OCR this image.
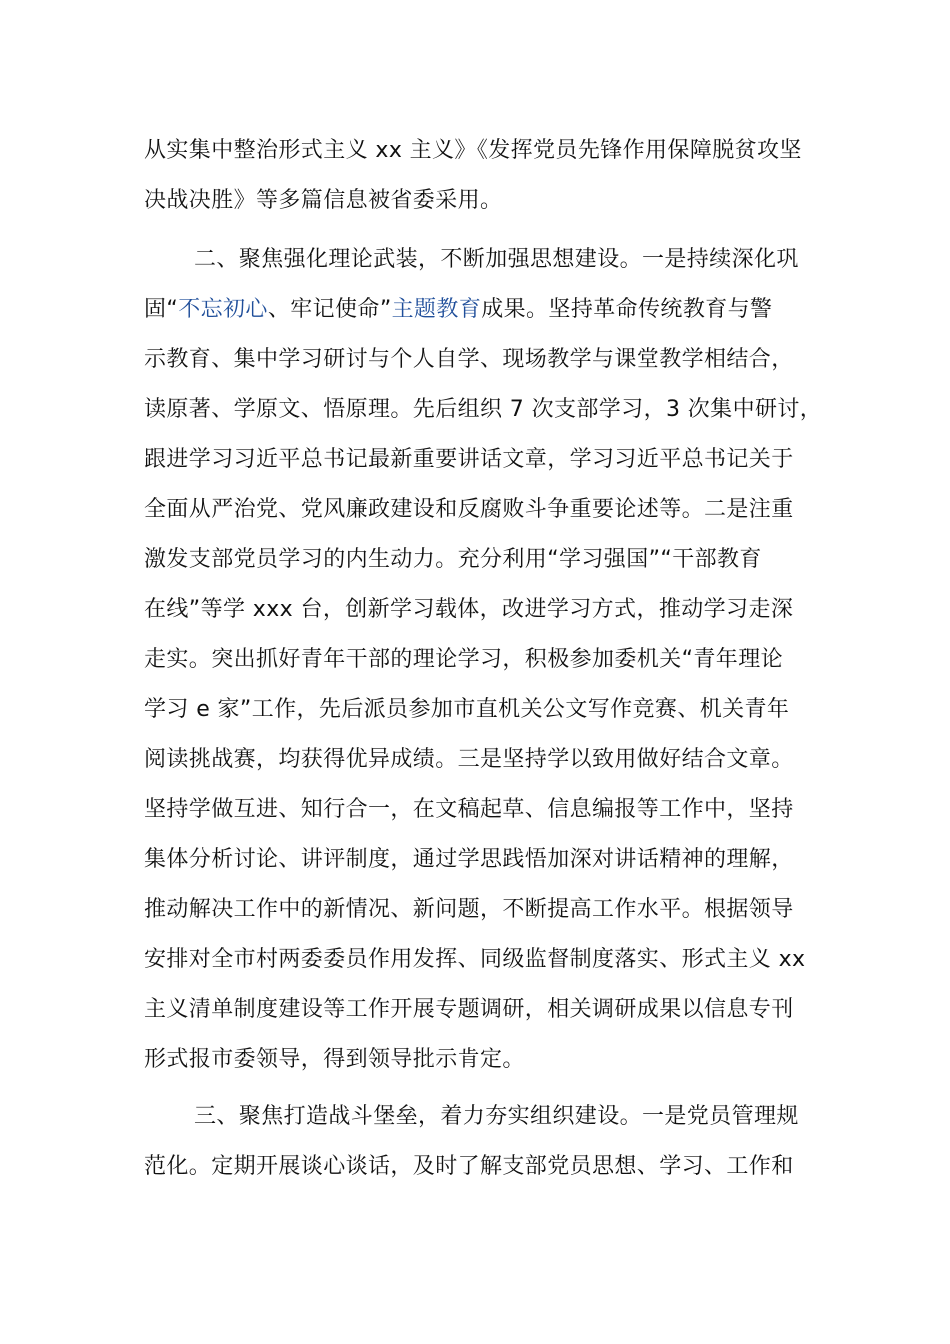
从实集中整治形式主义 xx 主义》《发挥党员先锋作用保障脱贫攻坚
决战决胜》等多篇信息被省委采用。

二、聚焦强化理论武装，不断加强思想建设。一是持续深化巩
固“不忘初心、牢记使命”主题教育成果。坚持革命传统教育与警
示教育、集中学习研讨与个人自学、现场教学与课堂教学相结合，
读原著、学原文、悟原理。先后组织 7 次支部学习，3 次集中研讨，
跟进学习习近平总书记最新重要讲话文章，学习习近平总书记关于
全面从严治党、党风廉政建设和反腐败斗争重要论述等。二是注重
激发支部党员学习的内生动力。充分利用“学习强国”“干部教育
在线”等学 xxx 台，创新学习载体，改进学习方式，推动学习走深
走实。突出抓好青年干部的理论学习，积极参加委机关“青年理论
学习 e 家”工作，先后派员参加市直机关公文写作竞赛、机关青年
阅读挑战赛，均获得优异成绩。三是坚持学以致用做好结合文章。
坚持学做互进、知行合一，在文稿起草、信息编报等工作中，坚持
集体分析讨论、讲评制度，通过学思践悟加深对讲话精神的理解，
推动解决工作中的新情况、新问题，不断提高工作水平。根据领导
安排对全市村两委委员作用发挥、同级监督制度落实、形式主义 xx
主义清单制度建设等工作开展专题调研，相关调研成果以信息专刊
形式报市委领导，得到领导批示肯定。

三、聚焦打造战斗堡垒，着力夯实组织建设。一是党员管理规
范化。定期开展谈心谈话，及时了解支部党员思想、学习、工作和
